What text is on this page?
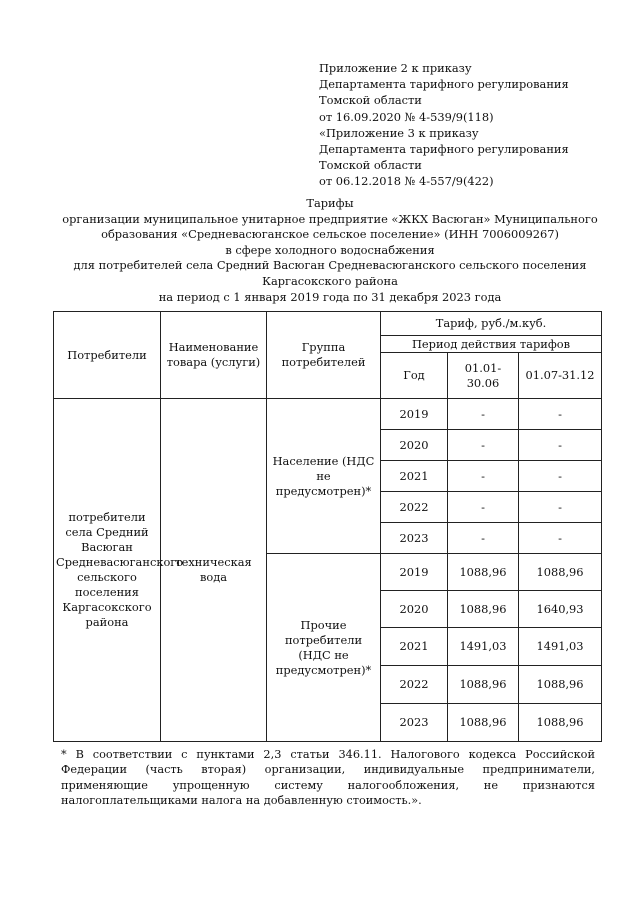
Приложение 2 к приказу
Департамента тарифного регулирования
Томской области
от 16.09.2020 № 4-539/9(118)
«Приложение 3 к приказу
Департамента тарифного регулирования
Томской области
от 06.12.2018 № 4-557/9(422)
Тарифы
организации муниципальное унитарное предприятие «ЖКХ Васюган» Муниципального
образования «Средневасюганское сельское поселение» (ИНН 7006009267)
в сфере холодного водоснабжения
для потребителей села Средний Васюган Средневасюганского сельского поселения
Каргасокского района
на период с 1 января 2019 года по 31 декабря 2023 года
Потребители	Наименование товара (услуги)	Группа потребителей	Тариф, руб./м.куб.		
			Период действия тарифов		
			Год	01.01-30.06	01.07-31.12
потребители села Средний Васюган Средневасюганского сельского поселения Каргасокского района	техническая вода	Население (НДС не предусмотрен)*	2019	-	-
			2020	-	-
			2021	-	-
			2022	-	-
			2023	-	-
		Прочие потребители (НДС не предусмотрен)*	2019	1088,96	1088,96
			2020	1088,96	1640,93
			2021	1491,03	1491,03
			2022	1088,96	1088,96
			2023	1088,96	1088,96
* В соответствии с пунктами 2,3 статьи 346.11. Налогового кодекса Российской Федерации (часть вторая) организации, индивидуальные предприниматели, применяющие упрощенную систему налогообложения, не признаются налогоплательщиками налога на добавленную стоимость.».
